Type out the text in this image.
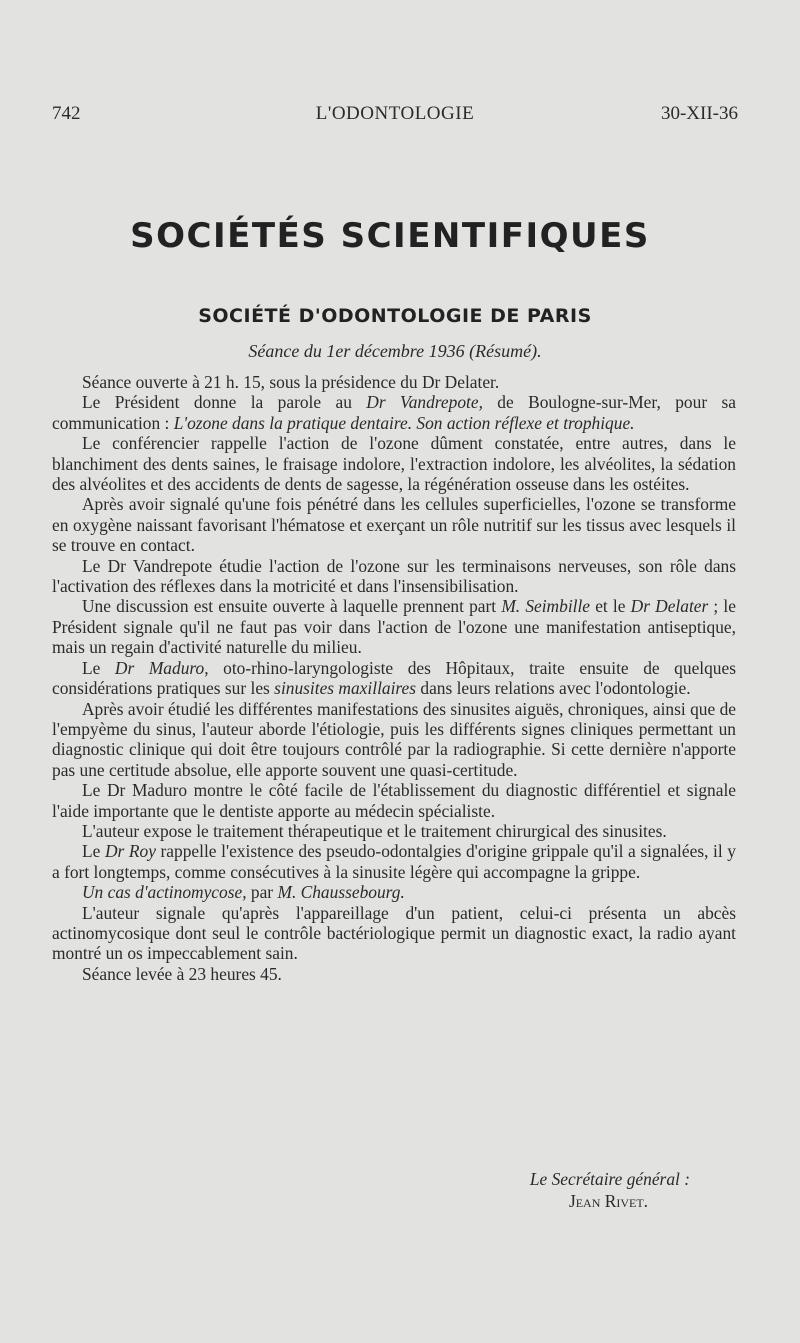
742	L'ODONTOLOGIE	30-XII-36
SOCIÉTÉS SCIENTIFIQUES
SOCIÉTÉ D'ODONTOLOGIE DE PARIS
Séance du 1er décembre 1936 (Résumé).

Séance ouverte à 21 h. 15, sous la présidence du Dr Delater.

Le Président donne la parole au Dr Vandrepote, de Boulogne-sur-Mer, pour sa communication : L'ozone dans la pratique dentaire. Son action réflexe et trophique.

Le conférencier rappelle l'action de l'ozone dûment constatée, entre autres, dans le blanchiment des dents saines, le fraisage indolore, l'extraction indolore, les alvéolites, la sédation des alvéolites et des accidents de dents de sagesse, la régénération osseuse dans les ostéites.

Après avoir signalé qu'une fois pénétré dans les cellules superficielles, l'ozone se transforme en oxygène naissant favorisant l'hématose et exerçant un rôle nutritif sur les tissus avec lesquels il se trouve en contact.

Le Dr Vandrepote étudie l'action de l'ozone sur les terminaisons nerveuses, son rôle dans l'activation des réflexes dans la motricité et dans l'insensibilisation.

Une discussion est ensuite ouverte à laquelle prennent part M. Seimbille et le Dr Delater ; le Président signale qu'il ne faut pas voir dans l'action de l'ozone une manifestation antiseptique, mais un regain d'activité naturelle du milieu.

Le Dr Maduro, oto-rhino-laryngologiste des Hôpitaux, traite ensuite de quelques considérations pratiques sur les sinusites maxillaires dans leurs relations avec l'odontologie.

Après avoir étudié les différentes manifestations des sinusites aiguës, chroniques, ainsi que de l'empyème du sinus, l'auteur aborde l'étiologie, puis les différents signes cliniques permettant un diagnostic clinique qui doit être toujours contrôlé par la radiographie. Si cette dernière n'apporte pas une certitude absolue, elle apporte souvent une quasi-certitude.

Le Dr Maduro montre le côté facile de l'établissement du diagnostic différentiel et signale l'aide importante que le dentiste apporte au médecin spécialiste.

L'auteur expose le traitement thérapeutique et le traitement chirurgical des sinusites.

Le Dr Roy rappelle l'existence des pseudo-odontalgies d'origine grippale qu'il a signalées, il y a fort longtemps, comme consécutives à la sinusite légère qui accompagne la grippe.

Un cas d'actinomycose, par M. Chaussebourg.

L'auteur signale qu'après l'appareillage d'un patient, celui-ci présenta un abcès actinomycosique dont seul le contrôle bactériologique permit un diagnostic exact, la radio ayant montré un os impeccablement sain.

Séance levée à 23 heures 45.

Le Secrétaire général :
Jean Rivet.
